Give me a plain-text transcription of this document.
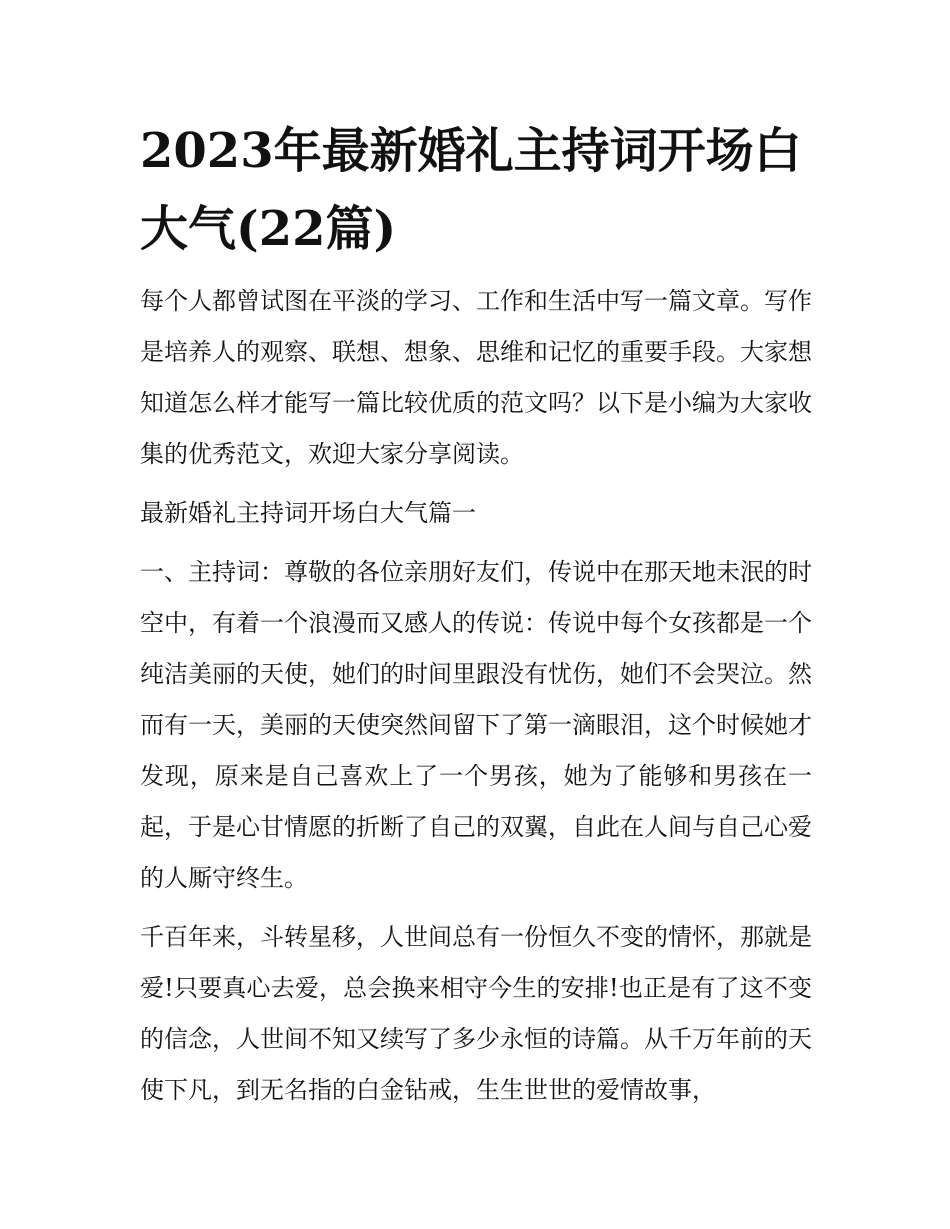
2023年最新婚礼主持词开场白大气(22篇)

每个人都曾试图在平淡的学习、工作和生活中写一篇文章。写作是培养人的观察、联想、想象、思维和记忆的重要手段。大家想知道怎么样才能写一篇比较优质的范文吗？以下是小编为大家收集的优秀范文，欢迎大家分享阅读。

最新婚礼主持词开场白大气篇一

一、主持词：尊敬的各位亲朋好友们，传说中在那天地未泯的时空中，有着一个浪漫而又感人的传说：传说中每个女孩都是一个纯洁美丽的天使，她们的时间里跟没有忧伤，她们不会哭泣。然而有一天，美丽的天使突然间留下了第一滴眼泪，这个时候她才发现，原来是自己喜欢上了一个男孩，她为了能够和男孩在一起，于是心甘情愿的折断了自己的双翼，自此在人间与自己心爱的人厮守终生。

千百年来，斗转星移，人世间总有一份恒久不变的情怀，那就是爱!只要真心去爱，总会换来相守今生的安排!也正是有了这不变的信念，人世间不知又续写了多少永恒的诗篇。从千万年前的天使下凡，到无名指的白金钻戒，生生世世的爱情故事，
